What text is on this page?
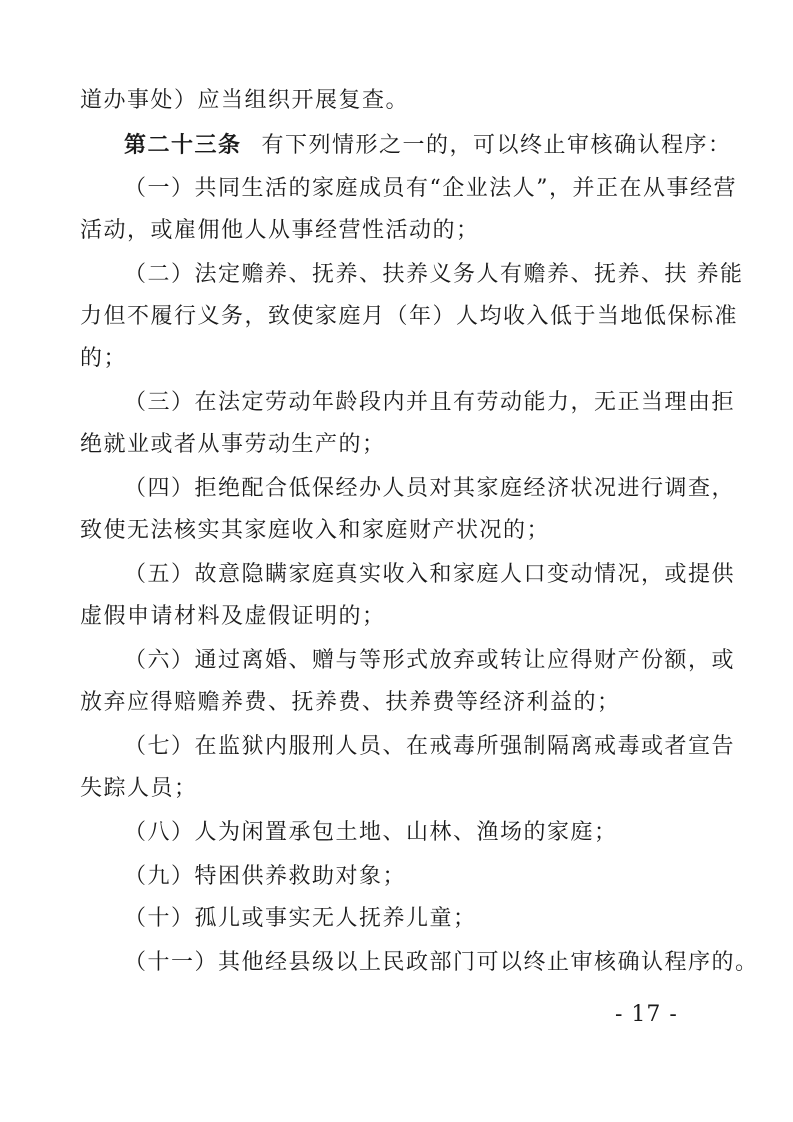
道办事处）应当组织开展复查。
第二十三条 有下列情形之一的，可以终止审核确认程序：
（一）共同生活的家庭成员有“企业法人”，并正在从事经营
活动，或雇佣他人从事经营性活动的；
（二）法定赡养、抚养、扶养义务人有赡养、抚养、扶 养能
力但不履行义务，致使家庭月（年）人均收入低于当地低保标准
的；
（三）在法定劳动年龄段内并且有劳动能力，无正当理由拒
绝就业或者从事劳动生产的；
（四）拒绝配合低保经办人员对其家庭经济状况进行调查，
致使无法核实其家庭收入和家庭财产状况的；
（五）故意隐瞒家庭真实收入和家庭人口变动情况，或提供
虚假申请材料及虚假证明的；
（六）通过离婚、赠与等形式放弃或转让应得财产份额，或
放弃应得赔赡养费、抚养费、扶养费等经济利益的；
（七）在监狱内服刑人员、在戒毒所强制隔离戒毒或者宣告
失踪人员；
（八）人为闲置承包土地、山林、渔场的家庭；
（九）特困供养救助对象；
（十）孤儿或事实无人抚养儿童；
（十一）其他经县级以上民政部门可以终止审核确认程序的。
- 17 -
